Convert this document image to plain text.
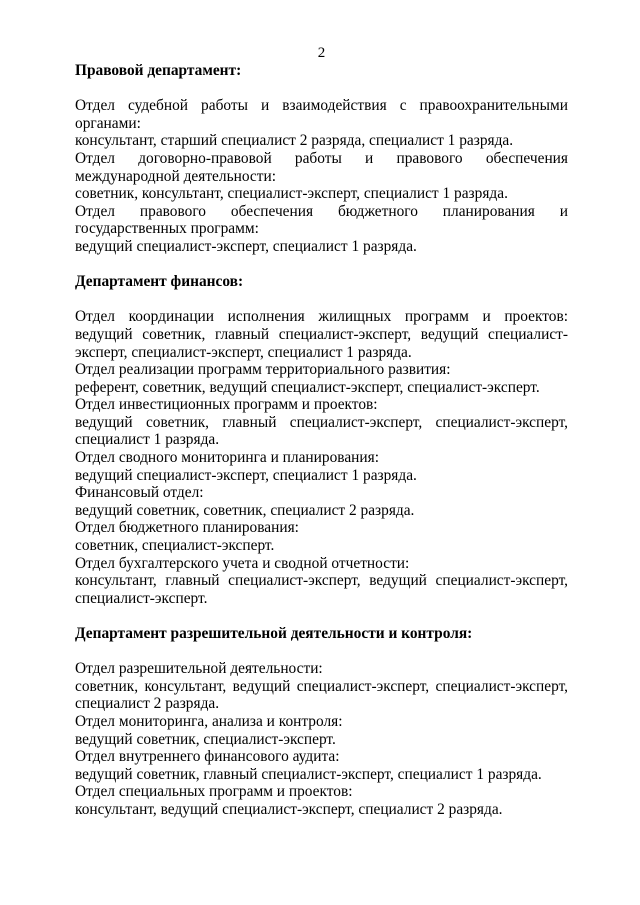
2

Правовой департамент:

Отдел судебной работы и взаимодействия с правоохранительными органами:

консультант, старший специалист 2 разряда, специалист 1 разряда.

Отдел договорно-правовой работы и правового обеспечения международной деятельности:

советник, консультант, специалист-эксперт, специалист 1 разряда.

Отдел правового обеспечения бюджетного планирования и государственных программ:

ведущий специалист-эксперт, специалист 1 разряда.

Департамент финансов:

Отдел координации исполнения жилищных программ и проектов: ведущий советник, главный специалист-эксперт, ведущий специалист-эксперт, специалист-эксперт, специалист 1 разряда.

Отдел реализации программ территориального развития:

референт, советник, ведущий специалист-эксперт, специалист-эксперт.

Отдел инвестиционных программ и проектов:

ведущий советник, главный специалист-эксперт, специалист-эксперт, специалист 1 разряда.

Отдел сводного мониторинга и планирования:

ведущий специалист-эксперт, специалист 1 разряда.

Финансовый отдел:

ведущий советник, советник, специалист 2 разряда.

Отдел бюджетного планирования:

советник, специалист-эксперт.

Отдел бухгалтерского учета и сводной отчетности:

консультант, главный специалист-эксперт, ведущий специалист-эксперт, специалист-эксперт.

Департамент разрешительной деятельности и контроля:

Отдел разрешительной деятельности:

советник, консультант, ведущий специалист-эксперт, специалист-эксперт, специалист 2 разряда.

Отдел мониторинга, анализа и контроля:

ведущий советник, специалист-эксперт.

Отдел внутреннего финансового аудита:

ведущий советник, главный специалист-эксперт, специалист 1 разряда.

Отдел специальных программ и проектов:

консультант, ведущий специалист-эксперт, специалист 2 разряда.
